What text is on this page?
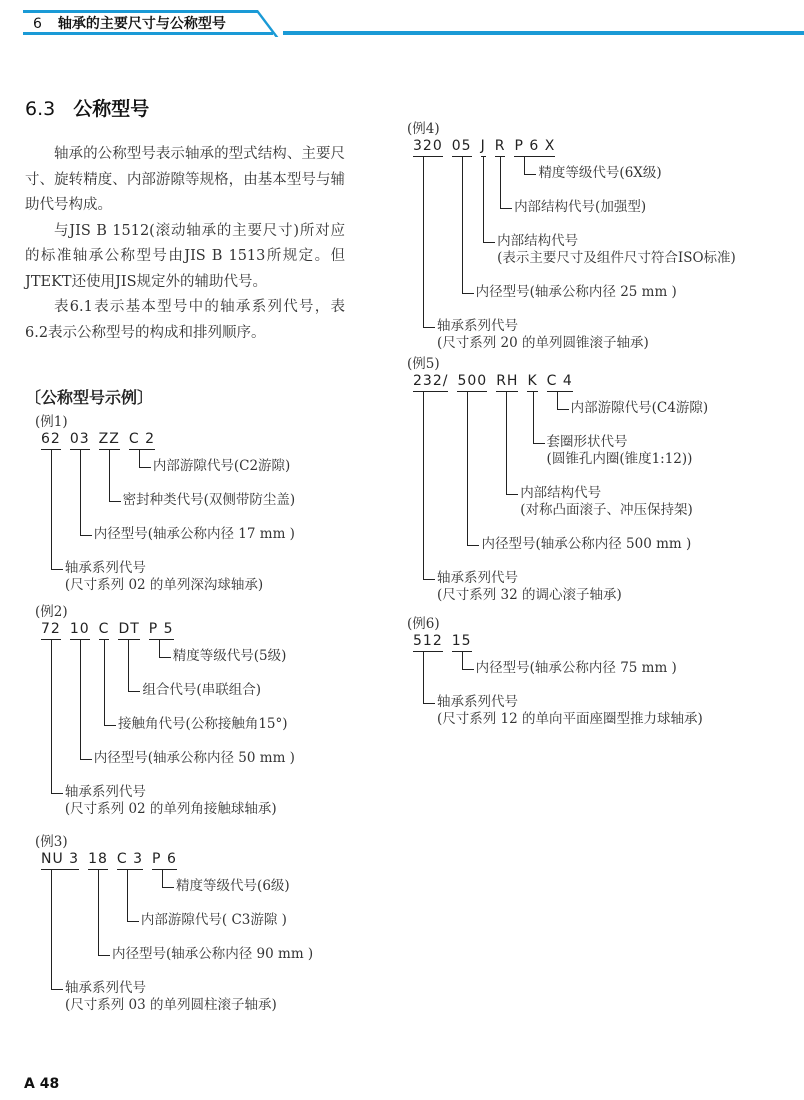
6 轴承的主要尺寸与公称型号
6.3 公称型号

轴承的公称型号表示轴承的型式结构、主要尺寸、旋转精度、内部游隙等规格，由基本型号与辅助代号构成。

与JIS B 1512(滚动轴承的主要尺寸)所对应的标准轴承公称型号由JIS B 1513所规定。但JTEKT还使用JIS规定外的辅助代号。

表6.1表示基本型号中的轴承系列代号，表6.2表示公称型号的构成和排列顺序。

〔公称型号示例〕
(例1)
62 03 ZZ C 2
内部游隙代号(C2游隙)
密封种类代号(双侧带防尘盖)
内径型号(轴承公称内径 17 mm )
轴承系列代号
(尺寸系列 02 的单列深沟球轴承)
(例2)
72 10 C DT P 5
精度等级代号(5级)
组合代号(串联组合)
接触角代号(公称接触角15°)
内径型号(轴承公称内径 50 mm )
轴承系列代号
(尺寸系列 02 的单列角接触球轴承)
(例3)
NU 3 18 C 3 P 6
精度等级代号(6级)
内部游隙代号( C3游隙 )
内径型号(轴承公称内径 90 mm )
轴承系列代号
(尺寸系列 03 的单列圆柱滚子轴承)
(例4)
320 05 J R P 6 X
精度等级代号(6X级)
内部结构代号(加强型)
内部结构代号
(表示主要尺寸及组件尺寸符合ISO标准)
内径型号(轴承公称内径 25 mm )
轴承系列代号
(尺寸系列 20 的单列圆锥滚子轴承)
(例5)
232/ 500 RH K C 4
内部游隙代号(C4游隙)
套圈形状代号
(圆锥孔内圈(锥度1:12))
内部结构代号
(对称凸面滚子、冲压保持架)
内径型号(轴承公称内径 500 mm )
轴承系列代号
(尺寸系列 32 的调心滚子轴承)
(例6)
512 15
内径型号(轴承公称内径 75 mm )
轴承系列代号
(尺寸系列 12 的单向平面座圈型推力球轴承)
A 48
